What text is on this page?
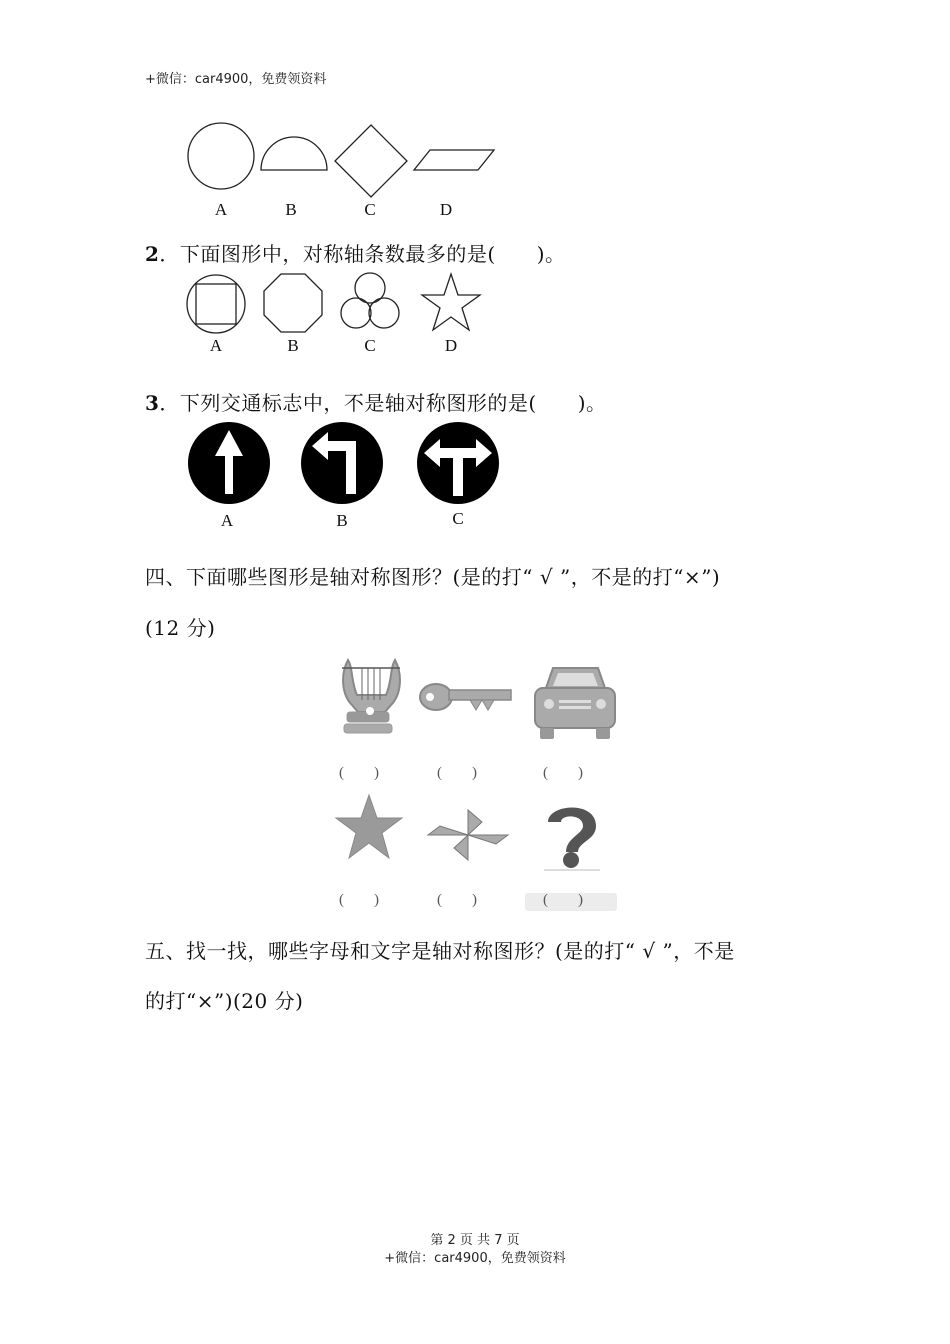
+微信：car4900，免费领资料
A	B	C	D
2．下面图形中，对称轴条数最多的是(　　)。
A	B	C	D
3．下列交通标志中，不是轴对称图形的是(　　)。
A	B	C
四、下面哪些图形是轴对称图形？(是的打“ √ ”，不是的打“×”)
(12 分)
(　　)	(　　)	(　　)
(　　)	(　　)	(　　)
五、找一找，哪些字母和文字是轴对称图形？(是的打“ √ ”，不是
的打“×”)(20 分)
第 2 页 共 7 页
+微信：car4900，免费领资料
